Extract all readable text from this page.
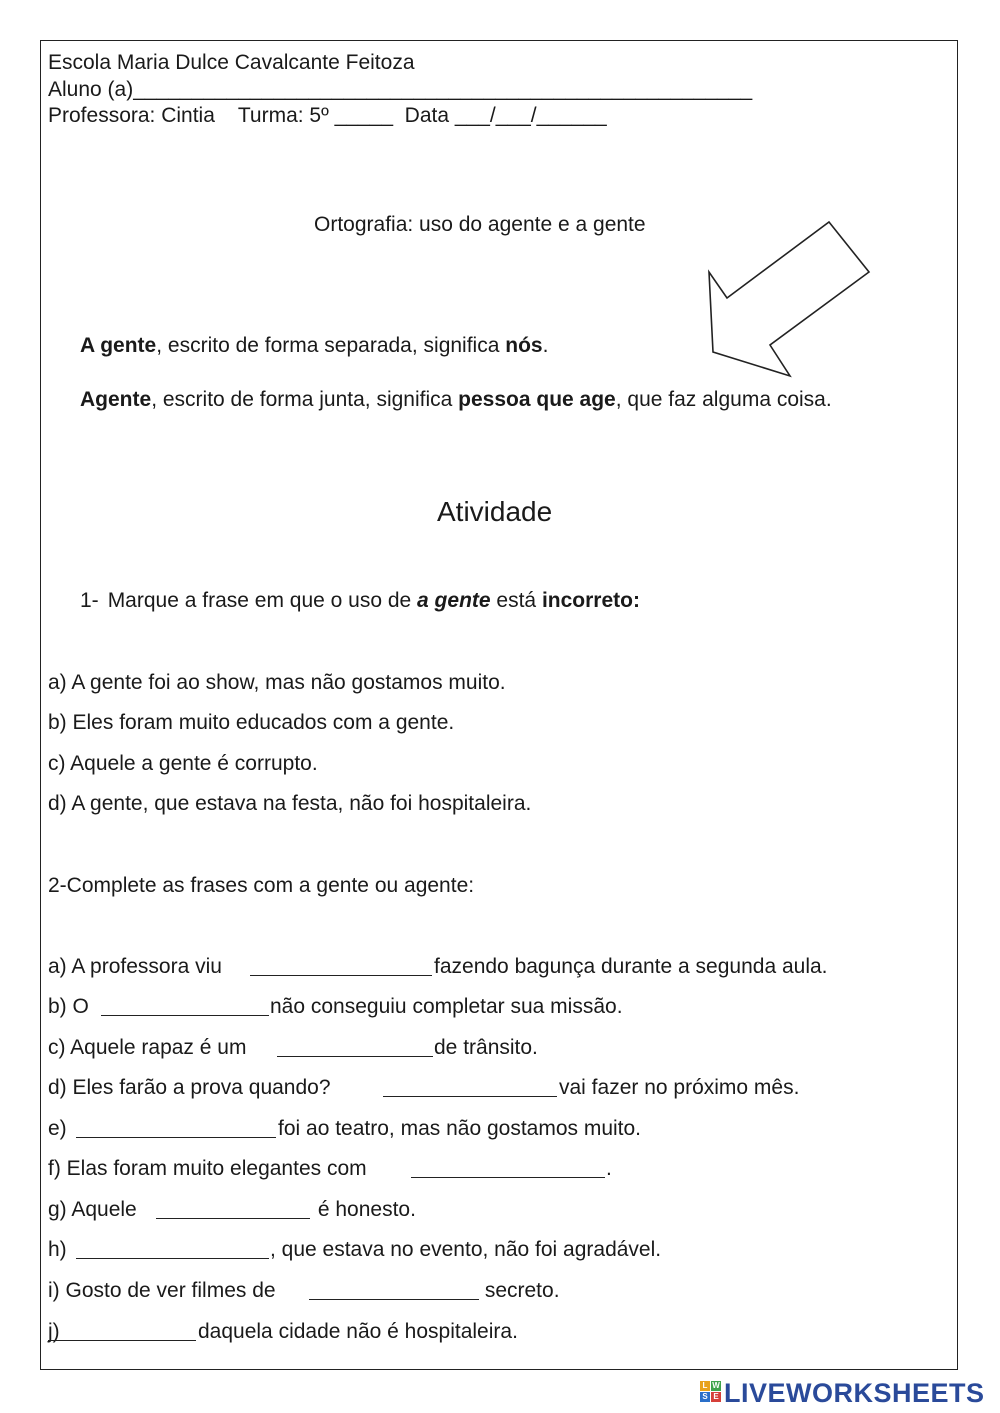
Escola Maria Dulce Cavalcante Feitoza
Aluno (a)_____________________________________________________
Professora: Cintia    Turma: 5º _____  Data ___/___/______
Ortografia: uso do agente e a gente
A gente, escrito de forma separada, significa nós.
Agente, escrito de forma junta, significa pessoa que age, que faz alguma coisa.
Atividade
1- Marque a frase em que o uso de a gente está incorreto:
a) A gente foi ao show, mas não gostamos muito.
b) Eles foram muito educados com a gente.
c) Aquele a gente é corrupto.
d) A gente, que estava na festa, não foi hospitaleira.
2-Complete as frases com a gente ou agente:
a) A professora viu	fazendo bagunça durante a segunda aula.
b) O	não conseguiu completar sua missão.
c) Aquele rapaz é um	de trânsito.
d) Eles farão a prova quando?	vai fazer no próximo mês.
e)	foi ao teatro, mas não gostamos muito.
f) Elas foram muito elegantes com	.
g) Aquele	é honesto.
h)	, que estava no evento, não foi agradável.
i) Gosto de ver filmes de	secreto.
j)	daquela cidade não é hospitaleira.
L W
S E LIVEWORKSHEETS
